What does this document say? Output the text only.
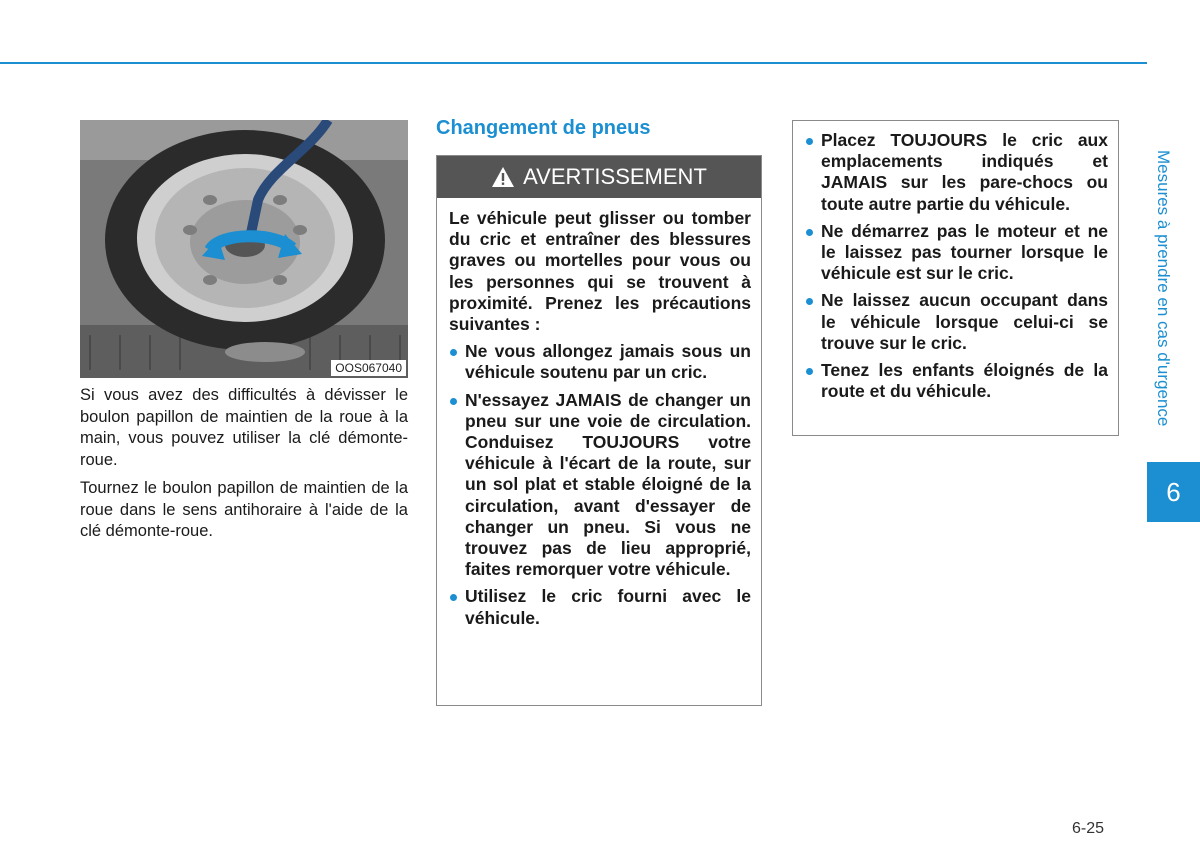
OOS067040

Si vous avez des difficultés à dévisser le boulon papillon de maintien de la roue à la main, vous pouvez utiliser la clé démonte-roue.

Tournez le boulon papillon de maintien de la roue dans le sens antihoraire à l'aide de la clé démonte-roue.

Changement de pneus
AVERTISSEMENT

Le véhicule peut glisser ou tomber du cric et entraîner des blessures graves ou mortelles pour vous ou les personnes qui se trouvent à proximité. Prenez les précautions suivantes :

Ne vous allongez jamais sous un véhicule soutenu par un cric.
N'essayez JAMAIS de changer un pneu sur une voie de circulation. Conduisez TOUJOURS votre véhicule à l'écart de la route, sur un sol plat et stable éloigné de la circulation, avant d'essayer de changer un pneu. Si vous ne trouvez pas de lieu approprié, faites remorquer votre véhicule.
Utilisez le cric fourni avec le véhicule.
Placez TOUJOURS le cric aux emplacements indiqués et JAMAIS sur les pare-chocs ou toute autre partie du véhicule.
Ne démarrez pas le moteur et ne le laissez pas tourner lorsque le véhicule est sur le cric.
Ne laissez aucun occupant dans le véhicule lorsque celui-ci se trouve sur le cric.
Tenez les enfants éloignés de la route et du véhicule.	Mesures à prendre en cas d'urgence
6
6-25
